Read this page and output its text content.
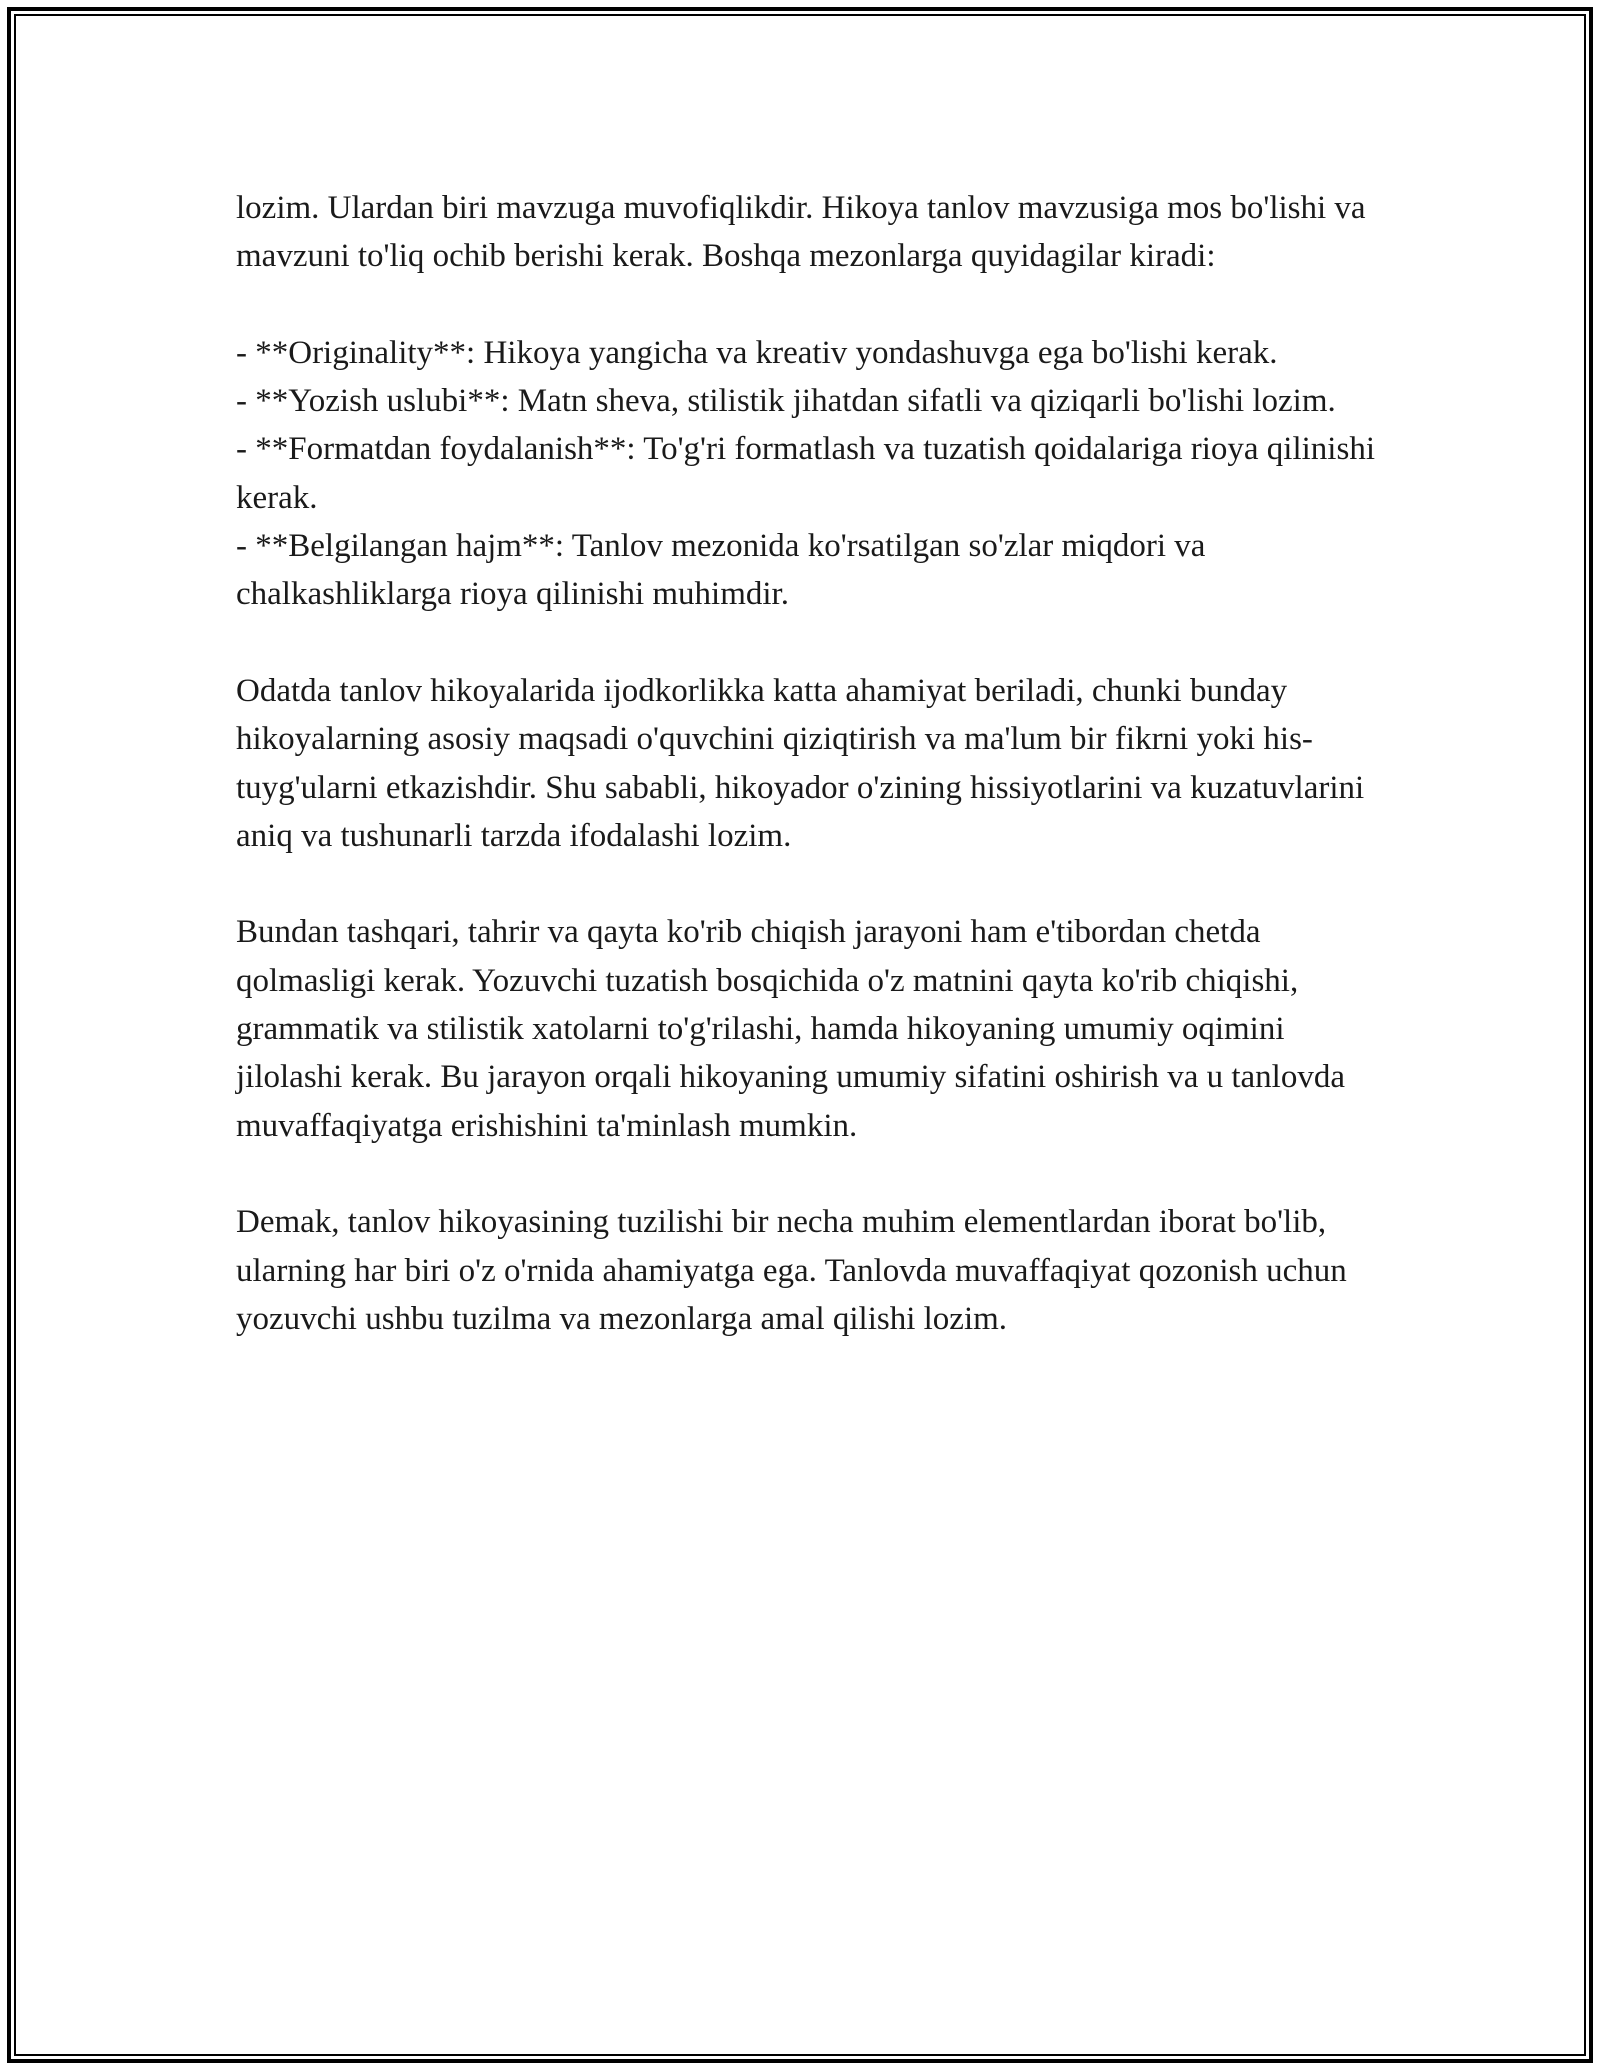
lozim. Ulardan biri mavzuga muvofiqlikdir. Hikoya tanlov mavzusiga mos bo'lishi va mavzuni to'liq ochib berishi kerak. Boshqa mezonlarga quyidagilar kiradi:

- **Originality**: Hikoya yangicha va kreativ yondashuvga ega bo'lishi kerak.
- **Yozish uslubi**: Matn sheva, stilistik jihatdan sifatli va qiziqarli bo'lishi lozim.
- **Formatdan foydalanish**: To'g'ri formatlash va tuzatish qoidalariga rioya qilinishi kerak.
- **Belgilangan hajm**: Tanlov mezonida ko'rsatilgan so'zlar miqdori va chalkashliklarga rioya qilinishi muhimdir.

Odatda tanlov hikoyalarida ijodkorlikka katta ahamiyat beriladi, chunki bunday hikoyalarning asosiy maqsadi o'quvchini qiziqtirish va ma'lum bir fikrni yoki his-tuyg'ularni etkazishdir. Shu sababli, hikoyador o'zining hissiyotlarini va kuzatuvlarini aniq va tushunarli tarzda ifodalashi lozim.

Bundan tashqari, tahrir va qayta ko'rib chiqish jarayoni ham e'tibordan chetda qolmasligi kerak. Yozuvchi tuzatish bosqichida o'z matnini qayta ko'rib chiqishi, grammatik va stilistik xatolarni to'g'rilashi, hamda hikoyaning umumiy oqimini jilolashi kerak. Bu jarayon orqali hikoyaning umumiy sifatini oshirish va u tanlovda muvaffaqiyatga erishishini ta'minlash mumkin.

Demak, tanlov hikoyasining tuzilishi bir necha muhim elementlardan iborat bo'lib, ularning har biri o'z o'rnida ahamiyatga ega. Tanlovda muvaffaqiyat qozonish uchun yozuvchi ushbu tuzilma va mezonlarga amal qilishi lozim.
